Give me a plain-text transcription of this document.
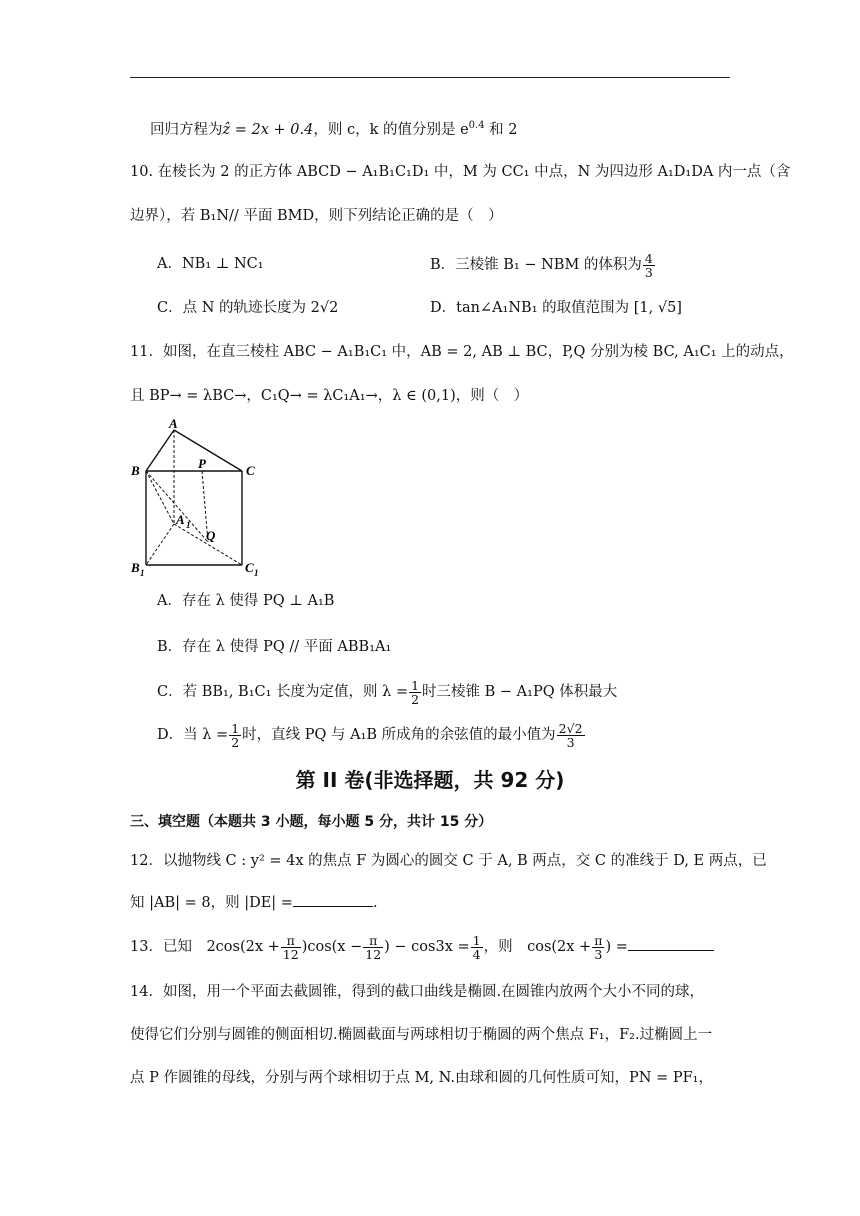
回归方程为ẑ = 2x + 0.4，则 c，k 的值分别是 $e^{0.4}$ 和 2
10. 在棱长为 2 的正方体 ABCD − A₁B₁C₁D₁ 中，M 为 CC₁ 中点，N 为四边形 A₁D₁DA 内一点（含
边界），若 B₁N// 平面 BMD，则下列结论正确的是（　）
A．NB₁ ⊥ NC₁	B．三棱锥 B₁ − NBM 的体积为 $\frac{4}{3}$
C．点 N 的轨迹长度为 2√2	D．tan∠A₁NB₁ 的取值范围为 [1, √5]
11．如图，在直三棱柱 ABC − A₁B₁C₁ 中，AB = 2, AB ⊥ BC，P,Q 分别为棱 BC, A₁C₁ 上的动点，
且 BP→ = λBC→，C₁Q→ = λC₁A₁→，λ ∈ (0,1)，则（　）
A
B	C
P
A 1
Q
B 1	C 1
A．存在 λ 使得 PQ ⊥ A₁B
B．存在 λ 使得 PQ // 平面 ABB₁A₁
C．若 BB₁, B₁C₁ 长度为定值，则 $\lambda = \frac{1}{2}$ 时三棱锥 B − A₁PQ 体积最大
D．当 $\lambda = \frac{1}{2}$ 时，直线 PQ 与 A₁B 所成角的余弦值的最小值为 $\frac{2√2}{3}$
第 II 卷(非选择题，共 92 分)
三、填空题（本题共 3 小题，每小题 5 分，共计 15 分）
12．以抛物线 C : y² = 4x 的焦点 F 为圆心的圆交 C 于 A, B 两点，交 C 的准线于 D, E 两点，已
知 |AB| = 8，则 |DE| =	.
13．已知　$2\cos(2x + \frac{\pi}{12} )\cos(x - \frac{\pi}{12}$ ) − $\cos 3x = \frac{1}{4}$ ，则　$\cos(2x + \frac{\pi}{3}$ ) =
14．如图，用一个平面去截圆锥，得到的截口曲线是椭圆.在圆锥内放两个大小不同的球，
使得它们分别与圆锥的侧面相切.椭圆截面与两球相切于椭圆的两个焦点 F₁，F₂.过椭圆上一
点 P 作圆锥的母线，分别与两个球相切于点 M, N.由球和圆的几何性质可知，PN = PF₁，
